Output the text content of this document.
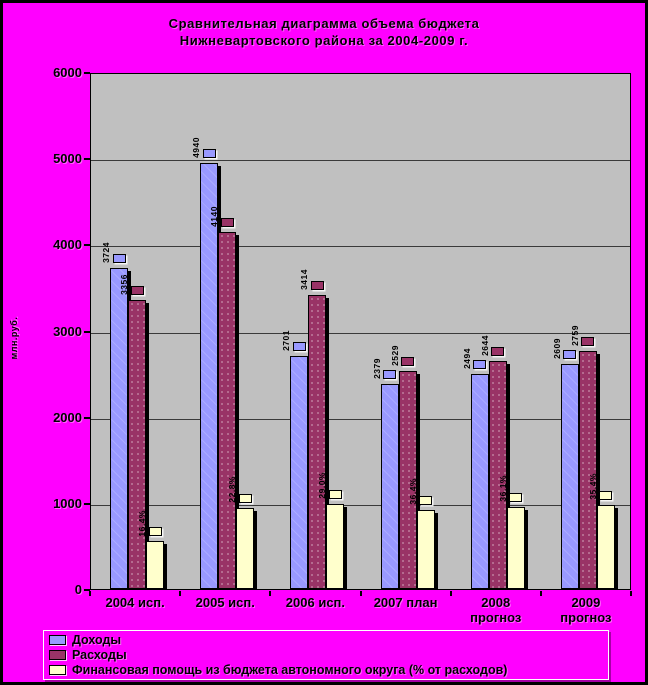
Сравнительная диаграмма объема бюджета
Нижневартовского района за 2004-2009 г.
млн.руб.
3724
3356
16,4%
4940
4140
22,8%
2701
3414
29,0%
2379
2529
36,4%
2494
2644
36,1%
2609
2759
35,4%
0
1000
2000
3000
4000
5000
6000
2004 исп.	2005 исп.	2006 исп.	2007 план	2008
прогноз
2009
прогноз
Доходы
Расходы
Финансовая помощь из бюджета автономного округа (% от расходов)
